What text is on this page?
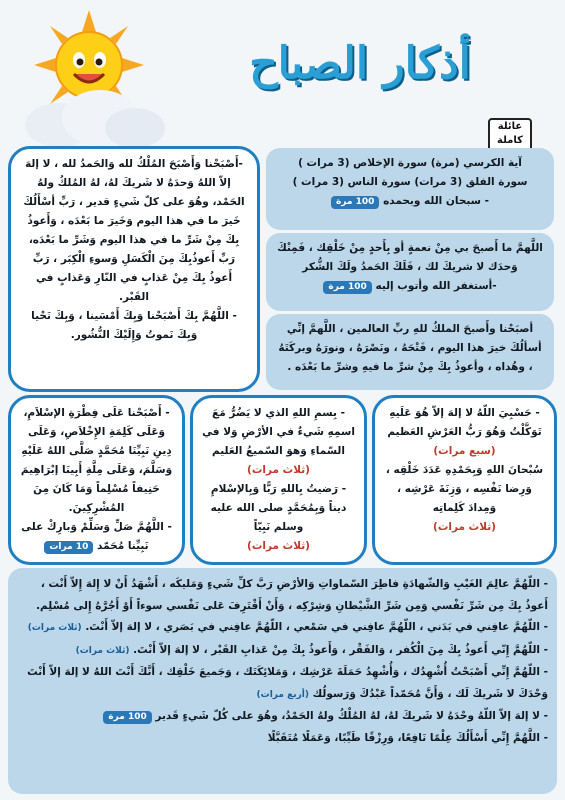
أذكار الصباح
عائلة كاملة
آية الكرسي (مرة) سورة الإخلاص (3 مرات )
سورة الفلق (3 مرات) سورة الناس (3 مرات )
- سبحان الله وبحمده 100 مرة
اللَّهمَّ ما أَصبحَ بي مِنْ نعمةٍ أو بِأَحدٍ مِنْ خَلْقِك ، فَمِنْكَ وَحدَك لا شريكَ لك ، فَلَكَ الحَمدُ ولَكَ الشُّكر
-أستغفر الله وأتوب إليه 100 مرة
أصبَحْنا وأَصبحَ الملكُ للهِ ربِّ العالمين ، اللَّهمَّ إنِّي أسألُكَ خيرَ هذا اليوم ، فَتْحَهُ ، ونَصْرَهُ ، ونورَهُ وبركَتَهُ ، وهُداه ، وأعوذُ بِكَ مِنْ شرِّ ما فيهِ وشرِّ ما بَعْدَه .
-أَصْبَحْنا وَأَصْبَحَ المُلْكُ لله وَالحَمدُ لله ، لا إلهَ إلاّ اللهُ وَحدَهُ لا شَريكَ لهُ، لهُ المُلكُ ولهُ الحَمْد، وهُوَ على كلّ شَيءٍ قدير ، رَبِّ أسْأَلُكَ خَيرَ ما في هذا اليوم وَخَيرَ ما بَعْدَه ، وَأَعوذُ بِكَ مِنْ شَرِّ ما في هذا اليوم وَشَرِّ ما بَعْدَه، رَبِّ أَعوذُبِكَ مِنَ الْكَسَلِ وَسوءِ الْكِبَر ، رَبِّ أَعوذُ بِكَ مِنْ عَذابٍ في النّارِ وَعَذابٍ في القَبْر.
- اللَّهُمَّ بِكَ أَصْبَحْنا وَبِكَ أَمْسَينا ، وَبِكَ نَحْيا وَبِكَ نَموتُ وَإِلَيْكَ النُّشُور.
- حَسْبِيَ اللّهُ لا إلهَ إلاّ هُوَ عَلَيهِ تَوَكَّلْتُ وَهُوَ رَبُّ العَرْشِ العَظيم
(سبع مرات)
سُبْحانَ اللهِ وَبِحَمْدِهِ عَدَدَ خَلْقِه ، وَرِضا نَفْسِه ، وَزِنَةَ عَرْشِه ، وَمِدادَ كَلِماتِه
(ثلاث مرات)
- بِسمِ اللهِ الذي لا يَضُرُّ مَعَ اسمِهِ شَيءٌ في الأرْضِ وَلا في السّماءِ وَهوَ السّميعُ العَليم
(ثلاث مرات)
- رَضيتُ بِاللهِ رَبًّا وَبِالإسْلامِ ديناً وَبِمُحَمَّدٍ صلى الله عليه وسلم نَبِيّاً
(ثلاث مرات)
- أَصْبَحْنا عَلَى فِطْرَةِ الإسْلاَمِ، وَعَلَى كَلِمَةِ الإِخْلاَصِ، وَعَلَى دِينِ نَبِيِّنَا مُحَمَّدٍ صَلَّى اللهُ عَلَيْهِ وَسَلَّمَ، وَعَلَى مِلَّةِ أَبِينَا إبْرَاهِيمَ حَنِيفاً مُسْلِماً وَمَا كَانَ مِنَ المُشْرِكِينَ.
- اللَّهُمَّ صَلِّ وَسَلِّمْ وَبارِكْ على نَبِيِّنا مُحَمّد 10 مرات
- اللّهُمَّ عالِمَ الغَيْبِ وَالشّهادَةِ فاطِرَ السّماواتِ وَالأرْضِ رَبَّ كلِّ شَيءٍ وَمَليكَه ، أَشْهَدُ أَنْ لا إِلهَ إِلاّ أَنْت ، أَعوذُ بِكَ مِن شَرِّ نَفْسي وَمِن شَرِّ الشَّيْطانِ وَشِرْكِه ، وَأَنْ أَقْتَرِفَ عَلى نَفْسي سوءاً أَوْ أَجُرَّهُ إِلى مُسْلِم.
- اللّهُمَّ عافِني في بَدَني ، اللّهُمَّ عافِني في سَمْعي ، اللّهُمَّ عافِني في بَصَري ، لا إلهَ إلاّ أَنْتَ. (ثلاث مرات)
- اللّهُمَّ إِنّي أَعوذُ بِكَ مِنَ الْكُفر ، وَالفَقْر ، وَأَعوذُ بِكَ مِنْ عَذابِ القَبْر ، لا إلهَ إلاّ أَنْتَ. (ثلاث مرات)
- اللّهُمَّ إِنِّي أَصْبَحْتُ أُشْهِدُك ، وَأُشْهِدُ حَمَلَةَ عَرْشِك ، وَمَلائِكَتَك ، وَجَميعَ خَلْقِك ، أَنَّكَ أَنْتَ اللهُ لا إلهَ إلاّ أَنْتَ وَحْدَكَ لا شَريكَ لَك ، وَأَنَّ مُحَمّداً عَبْدُكَ وَرَسولُك (أربع مرات)
- لا إلهَ إلاّ اللّهُ وحْدَهُ لا شَريكَ لهُ، لهُ المُلْكُ ولهُ الحَمْدُ، وهُوَ على كُلّ شَيءٍ قَدير 100 مرة
- اللَّهُمَّ إِنِّي أَسْأَلُكَ عِلْمًا نَافِعًا، وَرِزْقًا طَيِّبًا، وَعَمَلًا مُتَقَبَّلًا
